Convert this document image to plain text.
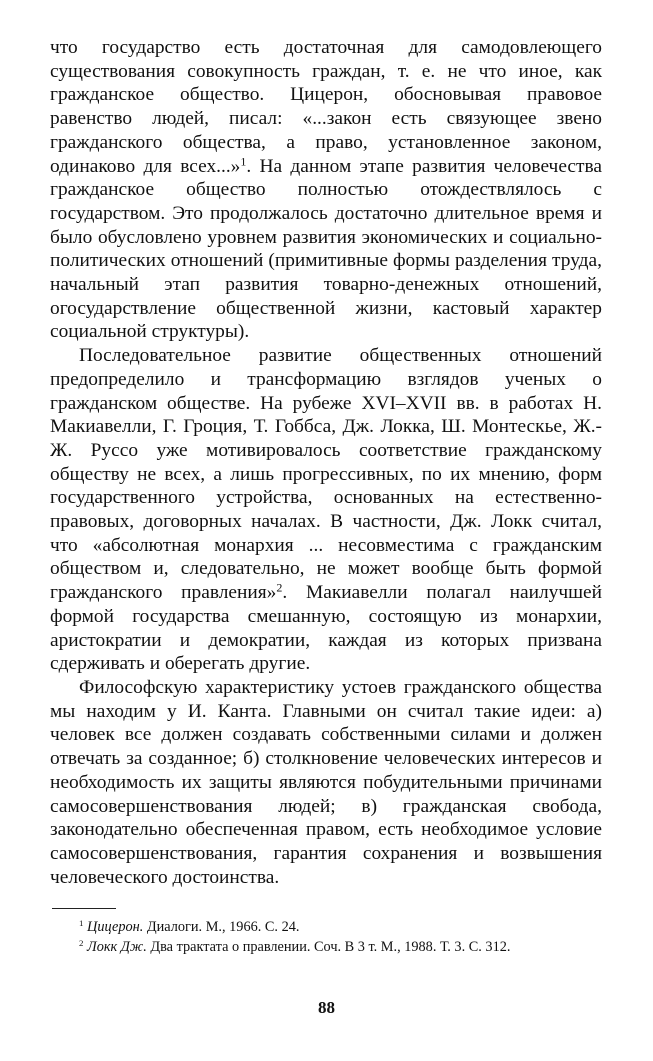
что государство есть достаточная для самодовлеющего существования совокупность граждан, т. е. не что иное, как гражданское общество. Цицерон, обосновывая правовое равенство людей, писал: «...закон есть связующее звено гражданского общества, а право, установленное законом, одинаково для всех...»$^1$. На данном этапе развития человечества гражданское общество полностью отождествлялось с государством. Это продолжалось достаточно длительное время и было обусловлено уровнем развития экономических и социально-политических отношений (примитивные формы разделения труда, начальный этап развития товарно-денежных отношений, огосударствление общественной жизни, кастовый характер социальной структуры).

Последовательное развитие общественных отношений предопределило и трансформацию взглядов ученых о гражданском обществе. На рубеже XVI–XVII вв. в работах Н. Макиавелли, Г. Гроция, Т. Гоббса, Дж. Локка, Ш. Монтескье, Ж.-Ж. Руссо уже мотивировалось соответствие гражданскому обществу не всех, а лишь прогрессивных, по их мнению, форм государственного устройства, основанных на естественно-правовых, договорных началах. В частности, Дж. Локк считал, что «абсолютная монархия ... несовместима с гражданским обществом и, следовательно, не может вообще быть формой гражданского правления»$^2$. Макиавелли полагал наилучшей формой государства смешанную, состоящую из монархии, аристократии и демократии, каждая из которых призвана сдерживать и оберегать другие.

Философскую характеристику устоев гражданского общества мы находим у И. Канта. Главными он считал такие идеи: а) человек все должен создавать собственными силами и должен отвечать за созданное; б) столкновение человеческих интересов и необходимость их защиты являются побудительными причинами самосовершенствования людей; в) гражданская свобода, законодательно обеспеченная правом, есть необходимое условие самосовершенствования, гарантия сохранения и возвышения человеческого достоинства.

$^1$ Цицерон. Диалоги. М., 1966. С. 24.

$^2$ Локк Дж. Два трактата о правлении. Соч. В 3 т. М., 1988. Т. 3. С. 312.

88
